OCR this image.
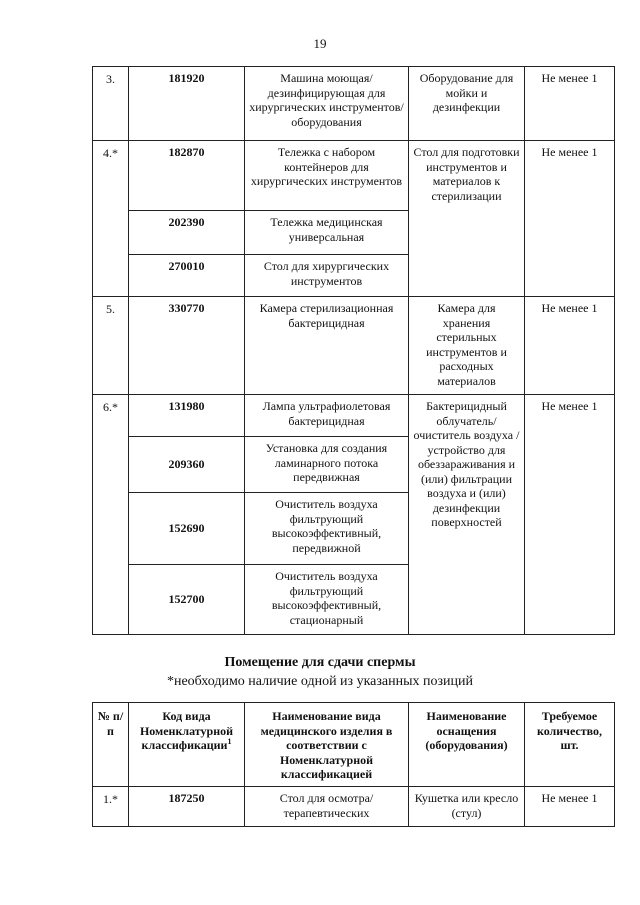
19
3.	181920	Машина моющая/дезинфицирующая для хирургических инструментов/оборудования	Оборудование для мойки и дезинфекции	Не менее 1
4.*	182870	Тележка с набором контейнеров для хирургических инструментов	Стол для подготовки инструментов и материалов к стерилизации	Не менее 1
	202390	Тележка медицинская универсальная		
	270010	Стол для хирургических инструментов		
5.	330770	Камера стерилизационная бактерицидная	Камера для хранения стерильных инструментов и расходных материалов	Не менее 1
6.*	131980	Лампа ультрафиолетовая бактерицидная	Бактерицидный облучатель/ очиститель воздуха /устройство для обеззараживания и (или) фильтрации воздуха и (или) дезинфекции поверхностей	Не менее 1
	209360	Установка для создания ламинарного потока передвижная		
	152690	Очиститель воздуха фильтрующий высокоэффективный, передвижной		
	152700	Очиститель воздуха фильтрующий высокоэффективный, стационарный		
Помещение для сдачи спермы
*необходимо наличие одной из указанных позиций
№ п/п	Код вида Номенклатурной классификации$^1$	Наименование вида медицинского изделия в соответствии с Номенклатурной классификацией	Наименование оснащения (оборудования)	Требуемое количество, шт.
1.*	187250	Стол для осмотра/терапевтических	Кушетка или кресло (стул)	Не менее 1
